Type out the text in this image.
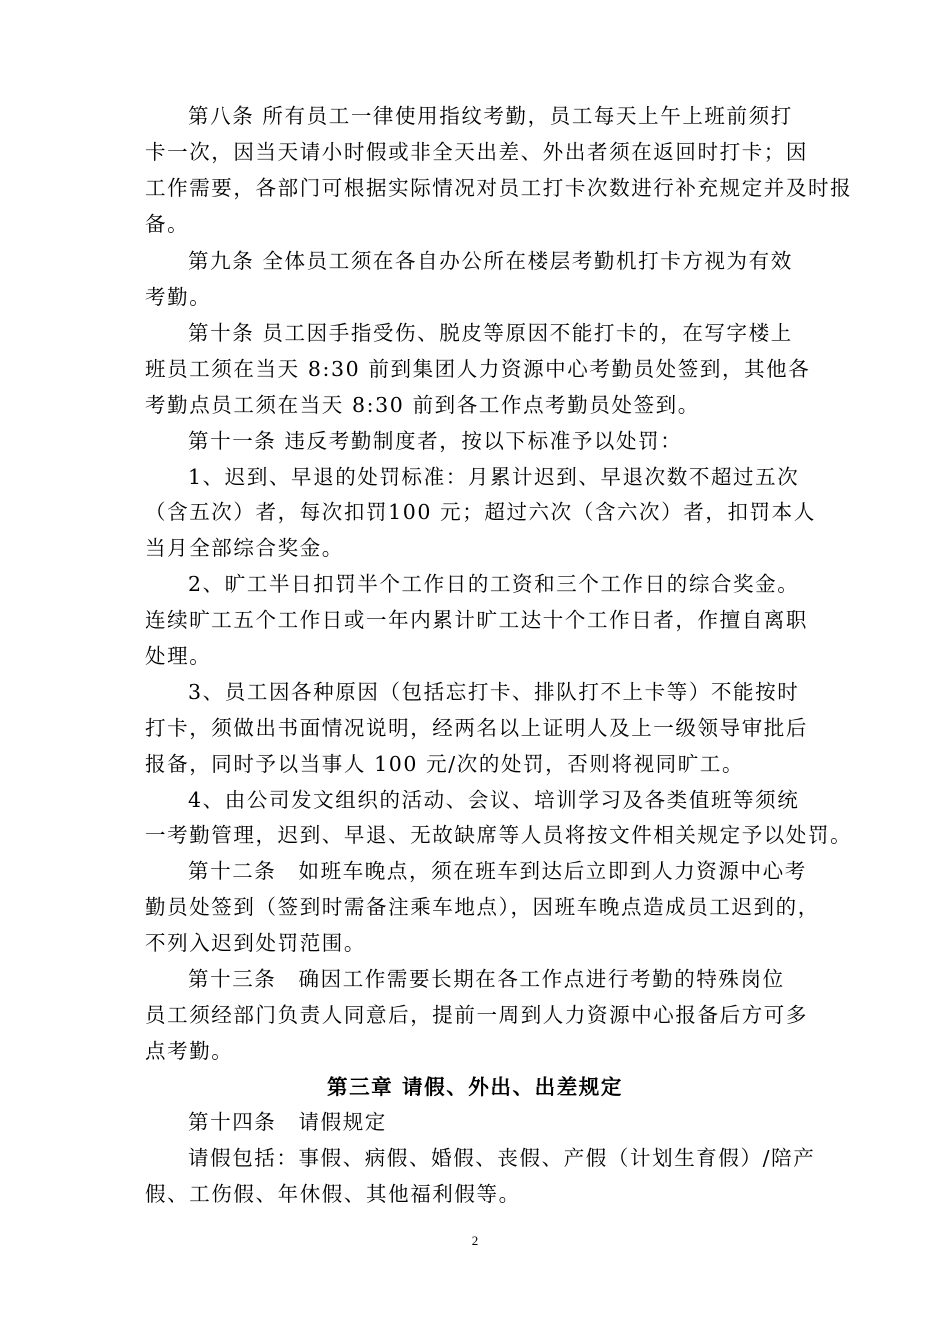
第八条 所有员工一律使用指纹考勤，员工每天上午上班前须打
卡一次，因当天请小时假或非全天出差、外出者须在返回时打卡；因
工作需要，各部门可根据实际情况对员工打卡次数进行补充规定并及时报
备。
第九条 全体员工须在各自办公所在楼层考勤机打卡方视为有效
考勤。
第十条 员工因手指受伤、脱皮等原因不能打卡的，在写字楼上
班员工须在当天 8:30 前到集团人力资源中心考勤员处签到，其他各
考勤点员工须在当天 8:30 前到各工作点考勤员处签到。
第十一条 违反考勤制度者，按以下标准予以处罚：
1、迟到、早退的处罚标准：月累计迟到、早退次数不超过五次
（含五次）者，每次扣罚100 元；超过六次（含六次）者，扣罚本人
当月全部综合奖金。
2、旷工半日扣罚半个工作日的工资和三个工作日的综合奖金。
连续旷工五个工作日或一年内累计旷工达十个工作日者，作擅自离职
处理。
3、员工因各种原因（包括忘打卡、排队打不上卡等）不能按时
打卡，须做出书面情况说明，经两名以上证明人及上一级领导审批后
报备，同时予以当事人 100 元/次的处罚，否则将视同旷工。
4、由公司发文组织的活动、会议、培训学习及各类值班等须统
一考勤管理，迟到、早退、无故缺席等人员将按文件相关规定予以处罚。
第十二条　如班车晚点，须在班车到达后立即到人力资源中心考
勤员处签到（签到时需备注乘车地点），因班车晚点造成员工迟到的，
不列入迟到处罚范围。
第十三条　确因工作需要长期在各工作点进行考勤的特殊岗位
员工须经部门负责人同意后，提前一周到人力资源中心报备后方可多
点考勤。
第三章 请假、外出、出差规定
第十四条　请假规定
请假包括：事假、病假、婚假、丧假、产假（计划生育假）/陪产
假、工伤假、年休假、其他福利假等。
2
